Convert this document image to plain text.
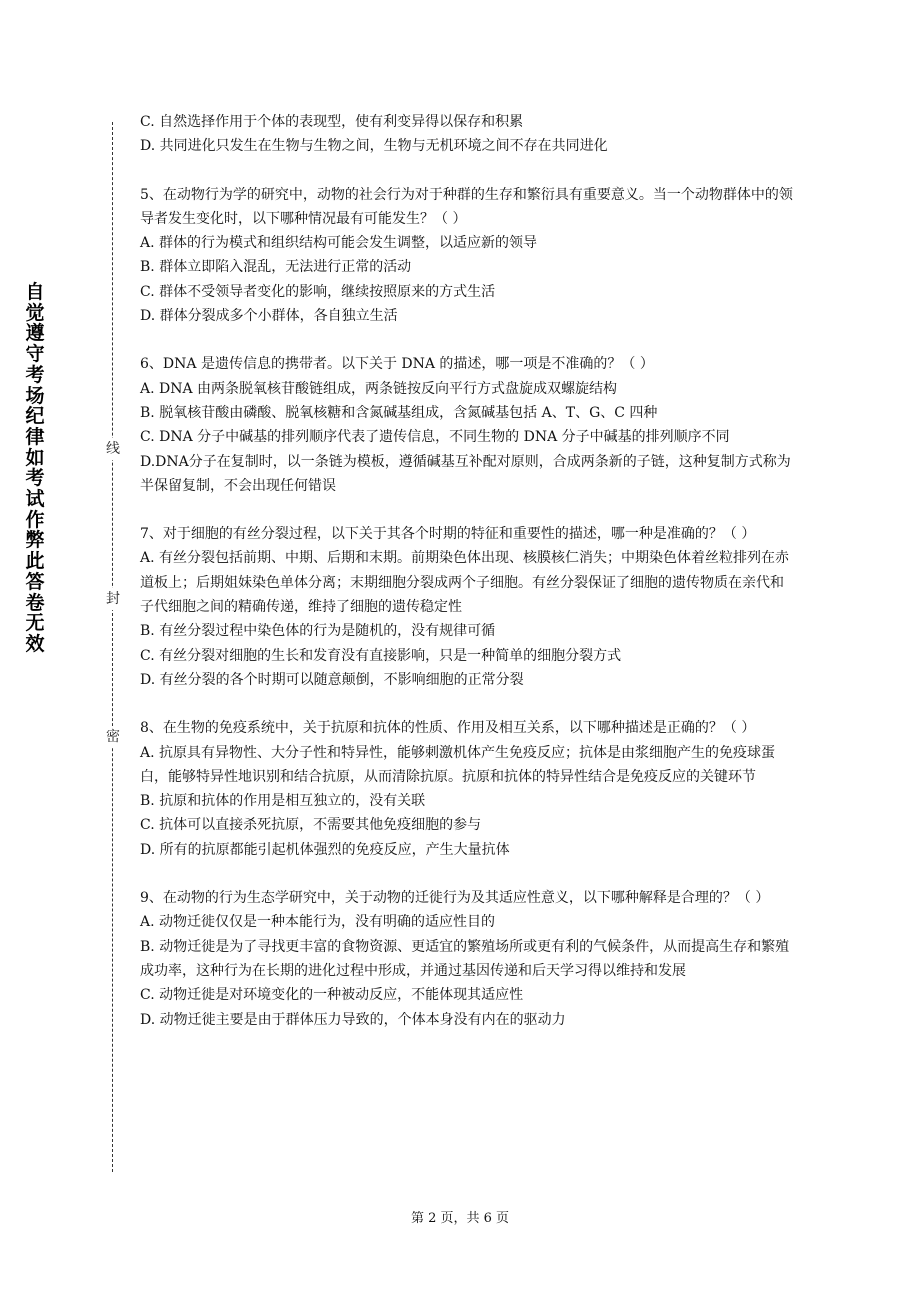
自觉遵守考场纪律如考试作弊此答卷无效
线
封
密

C. 自然选择作用于个体的表现型，使有利变异得以保存和积累

D. 共同进化只发生在生物与生物之间，生物与无机环境之间不存在共同进化

5、在动物行为学的研究中，动物的社会行为对于种群的生存和繁衍具有重要意义。当一个动物群体中的领导者发生变化时，以下哪种情况最有可能发生？（ ）

A. 群体的行为模式和组织结构可能会发生调整，以适应新的领导

B. 群体立即陷入混乱，无法进行正常的活动

C. 群体不受领导者变化的影响，继续按照原来的方式生活

D. 群体分裂成多个小群体，各自独立生活

6、DNA 是遗传信息的携带者。以下关于 DNA 的描述，哪一项是不准确的？（ ）

A. DNA 由两条脱氧核苷酸链组成，两条链按反向平行方式盘旋成双螺旋结构

B. 脱氧核苷酸由磷酸、脱氧核糖和含氮碱基组成，含氮碱基包括 A、T、G、C 四种

C. DNA 分子中碱基的排列顺序代表了遗传信息，不同生物的 DNA 分子中碱基的排列顺序不同

D.DNA分子在复制时，以一条链为模板，遵循碱基互补配对原则，合成两条新的子链，这种复制方式称为半保留复制，不会出现任何错误

7、对于细胞的有丝分裂过程，以下关于其各个时期的特征和重要性的描述，哪一种是准确的？（ ）

A. 有丝分裂包括前期、中期、后期和末期。前期染色体出现、核膜核仁消失；中期染色体着丝粒排列在赤道板上；后期姐妹染色单体分离；末期细胞分裂成两个子细胞。有丝分裂保证了细胞的遗传物质在亲代和子代细胞之间的精确传递，维持了细胞的遗传稳定性

B. 有丝分裂过程中染色体的行为是随机的，没有规律可循

C. 有丝分裂对细胞的生长和发育没有直接影响，只是一种简单的细胞分裂方式

D. 有丝分裂的各个时期可以随意颠倒，不影响细胞的正常分裂

8、在生物的免疫系统中，关于抗原和抗体的性质、作用及相互关系，以下哪种描述是正确的？（ ）

A. 抗原具有异物性、大分子性和特异性，能够刺激机体产生免疫反应；抗体是由浆细胞产生的免疫球蛋白，能够特异性地识别和结合抗原，从而清除抗原。抗原和抗体的特异性结合是免疫反应的关键环节

B. 抗原和抗体的作用是相互独立的，没有关联

C. 抗体可以直接杀死抗原，不需要其他免疫细胞的参与

D. 所有的抗原都能引起机体强烈的免疫反应，产生大量抗体

9、在动物的行为生态学研究中，关于动物的迁徙行为及其适应性意义，以下哪种解释是合理的？（ ）

A. 动物迁徙仅仅是一种本能行为，没有明确的适应性目的

B. 动物迁徙是为了寻找更丰富的食物资源、更适宜的繁殖场所或更有利的气候条件，从而提高生存和繁殖成功率，这种行为在长期的进化过程中形成，并通过基因传递和后天学习得以维持和发展

C. 动物迁徙是对环境变化的一种被动反应，不能体现其适应性

D. 动物迁徙主要是由于群体压力导致的，个体本身没有内在的驱动力

第 2 页，共 6 页
